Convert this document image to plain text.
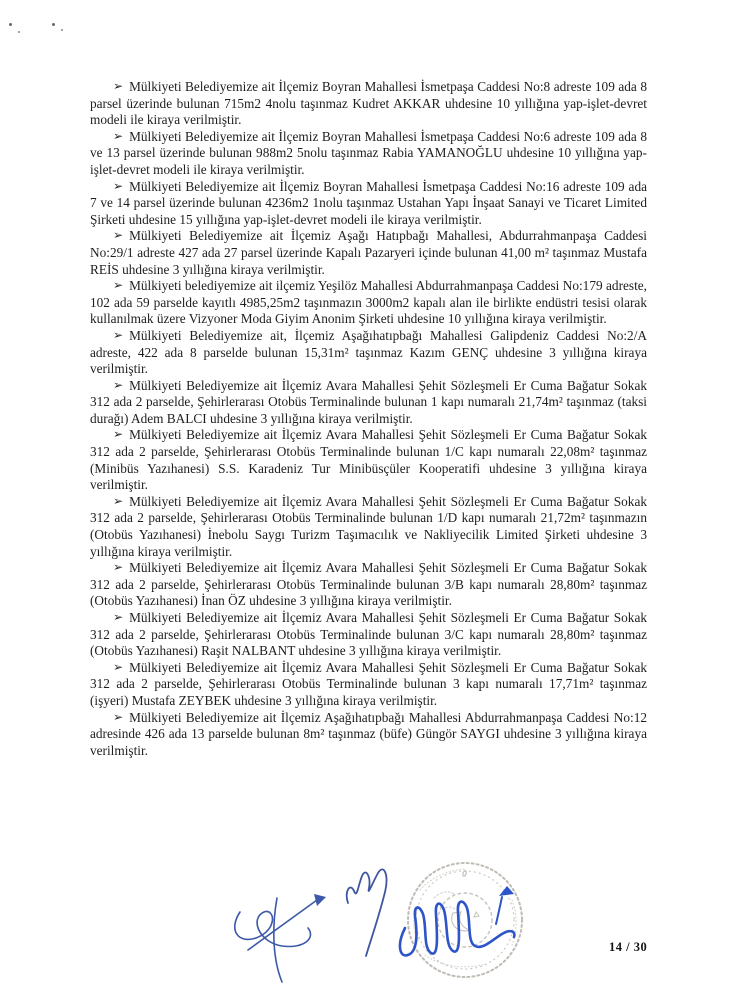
➢ Mülkiyeti Belediyemize ait İlçemiz Boyran Mahallesi İsmetpaşa Caddesi No:8 adreste 109 ada 8 parsel üzerinde bulunan 715m2 4nolu taşınmaz Kudret AKKAR uhdesine 10 yıllığına yap-işlet-devret modeli ile kiraya verilmiştir.
➢ Mülkiyeti Belediyemize ait İlçemiz Boyran Mahallesi İsmetpaşa Caddesi No:6 adreste 109 ada 8 ve 13 parsel üzerinde bulunan 988m2 5nolu taşınmaz Rabia YAMANOĞLU uhdesine 10 yıllığına yap-işlet-devret modeli ile kiraya verilmiştir.
➢ Mülkiyeti Belediyemize ait İlçemiz Boyran Mahallesi İsmetpaşa Caddesi No:16 adreste 109 ada 7 ve 14 parsel üzerinde bulunan 4236m2 1nolu taşınmaz Ustahan Yapı İnşaat Sanayi ve Ticaret Limited Şirketi uhdesine 15 yıllığına yap-işlet-devret modeli ile kiraya verilmiştir.
➢ Mülkiyeti Belediyemize ait İlçemiz Aşağı Hatıpbağı Mahallesi, Abdurrahmanpaşa Caddesi No:29/1 adreste 427 ada 27 parsel üzerinde Kapalı Pazaryeri içinde bulunan 41,00 m² taşınmaz Mustafa REİS uhdesine 3 yıllığına kiraya verilmiştir.
➢ Mülkiyeti belediyemize ait ilçemiz Yeşilöz Mahallesi Abdurrahmanpaşa Caddesi No:179 adreste, 102 ada 59 parselde kayıtlı 4985,25m2 taşınmazın 3000m2 kapalı alan ile birlikte endüstri tesisi olarak kullanılmak üzere Vizyoner Moda Giyim Anonim Şirketi uhdesine 10 yıllığına kiraya verilmiştir.
➢ Mülkiyeti Belediyemize ait, İlçemiz Aşağıhatıpbağı Mahallesi Galipdeniz Caddesi No:2/A adreste, 422 ada 8 parselde bulunan 15,31m² taşınmaz Kazım GENÇ uhdesine 3 yıllığına kiraya verilmiştir.
➢ Mülkiyeti Belediyemize ait İlçemiz Avara Mahallesi Şehit Sözleşmeli Er Cuma Bağatur Sokak 312 ada 2 parselde, Şehirlerarası Otobüs Terminalinde bulunan 1 kapı numaralı 21,74m² taşınmaz (taksi durağı) Adem BALCI uhdesine 3 yıllığına kiraya verilmiştir.
➢ Mülkiyeti Belediyemize ait İlçemiz Avara Mahallesi Şehit Sözleşmeli Er Cuma Bağatur Sokak 312 ada 2 parselde, Şehirlerarası Otobüs Terminalinde bulunan 1/C kapı numaralı 22,08m² taşınmaz (Minibüs Yazıhanesi) S.S. Karadeniz Tur Minibüsçüler Kooperatifi uhdesine 3 yıllığına kiraya verilmiştir.
➢ Mülkiyeti Belediyemize ait İlçemiz Avara Mahallesi Şehit Sözleşmeli Er Cuma Bağatur Sokak 312 ada 2 parselde, Şehirlerarası Otobüs Terminalinde bulunan 1/D kapı numaralı 21,72m² taşınmazın (Otobüs Yazıhanesi) İnebolu Saygı Turizm Taşımacılık ve Nakliyecilik Limited Şirketi uhdesine 3 yıllığına kiraya verilmiştir.
➢ Mülkiyeti Belediyemize ait İlçemiz Avara Mahallesi Şehit Sözleşmeli Er Cuma Bağatur Sokak 312 ada 2 parselde, Şehirlerarası Otobüs Terminalinde bulunan 3/B kapı numaralı 28,80m² taşınmaz (Otobüs Yazıhanesi) İnan ÖZ uhdesine 3 yıllığına kiraya verilmiştir.
➢ Mülkiyeti Belediyemize ait İlçemiz Avara Mahallesi Şehit Sözleşmeli Er Cuma Bağatur Sokak 312 ada 2 parselde, Şehirlerarası Otobüs Terminalinde bulunan 3/C kapı numaralı 28,80m² taşınmaz (Otobüs Yazıhanesi) Raşit NALBANT uhdesine 3 yıllığına kiraya verilmiştir.
➢ Mülkiyeti Belediyemize ait İlçemiz Avara Mahallesi Şehit Sözleşmeli Er Cuma Bağatur Sokak 312 ada 2 parselde, Şehirlerarası Otobüs Terminalinde bulunan 3 kapı numaralı 17,71m² taşınmaz (işyeri) Mustafa ZEYBEK uhdesine 3 yıllığına kiraya verilmiştir.
➢ Mülkiyeti Belediyemize ait İlçemiz Aşağıhatıpbağı Mahallesi Abdurrahmanpaşa Caddesi No:12 adresinde 426 ada 13 parselde bulunan 8m² taşınmaz (büfe) Güngör SAYGI uhdesine 3 yıllığına kiraya verilmiştir.
14 / 30
